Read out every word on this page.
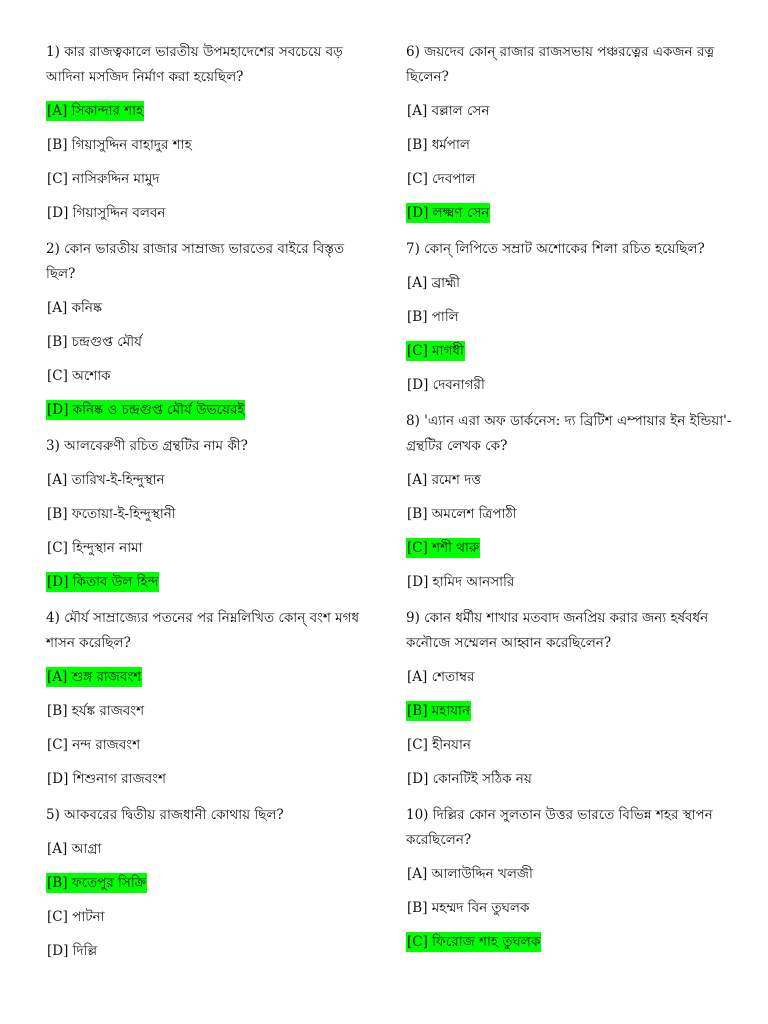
1) কার রাজত্বকালে ভারতীয় উপমহাদেশের সবচেয়ে বড় আদিনা মসজিদ নির্মাণ করা হয়েছিল?
[A] সিকান্দার শাহ
[B] গিয়াসুদ্দিন বাহাদুর শাহ
[C] নাসিরুদ্দিন মামুদ
[D] গিয়াসুদ্দিন বলবন
2) কোন ভারতীয় রাজার সাম্রাজ্য ভারতের বাইরে বিস্তৃত ছিল?
[A] কনিষ্ক
[B] চন্দ্রগুপ্ত মৌর্য
[C] অশোক
[D] কনিষ্ক ও চন্দ্রগুপ্ত মৌর্য উভয়েরই
3) আলবেরুণী রচিত গ্রন্থটির নাম কী?
[A] তারিখ-ই-হিন্দুস্থান
[B] ফতোয়া-ই-হিন্দুস্থানী
[C] হিন্দুস্থান নামা
[D] কিতাব উল হিন্দ
4) মৌর্য সাম্রাজ্যের পতনের পর নিম্নলিখিত কোন্ বংশ মগধ শাসন করেছিল?
[A] শুঙ্গ রাজবংশ
[B] হর্যঙ্ক রাজবংশ
[C] নন্দ রাজবংশ
[D] শিশুনাগ রাজবংশ
5) আকবরের দ্বিতীয় রাজধানী কোথায় ছিল?
[A] আগ্রা
[B] ফতেপুর সিক্রি
[C] পাটনা
[D] দিল্লি
6) জয়দেব কোন্ রাজার রাজসভায় পঞ্চরত্নের একজন রত্ন ছিলেন?
[A] বল্লাল সেন
[B] ধর্মপাল
[C] দেবপাল
[D] লক্ষ্মণ সেন
7) কোন্ লিপিতে সম্রাট অশোকের শিলা রচিত হয়েছিল?
[A] ব্রাহ্মী
[B] পালি
[C] মাগধী
[D] দেবনাগরী
8) 'এ্যান এরা অফ ডার্কনেস: দ্য ব্রিটিশ এম্পায়ার ইন ইন্ডিয়া'- গ্রন্থটির লেখক কে?
[A] রমেশ দত্ত
[B] অমলেশ ত্রিপাঠী
[C] শশী থারু
[D] হামিদ আনসারি
9) কোন ধর্মীয় শাখার মতবাদ জনপ্রিয় করার জন্য হর্ষবর্ধন কনৌজে সম্মেলন আহ্বান করেছিলেন?
[A] শেতাম্বর
[B] মহাযান
[C] হীনযান
[D] কোনটিই সঠিক নয়
10) দিল্লির কোন সুলতান উত্তর ভারতে বিভিন্ন শহর স্থাপন করেছিলেন?
[A] আলাউদ্দিন খলজী
[B] মহম্মদ বিন তুঘলক
[C] ফিরোজ শাহ তুঘলক
